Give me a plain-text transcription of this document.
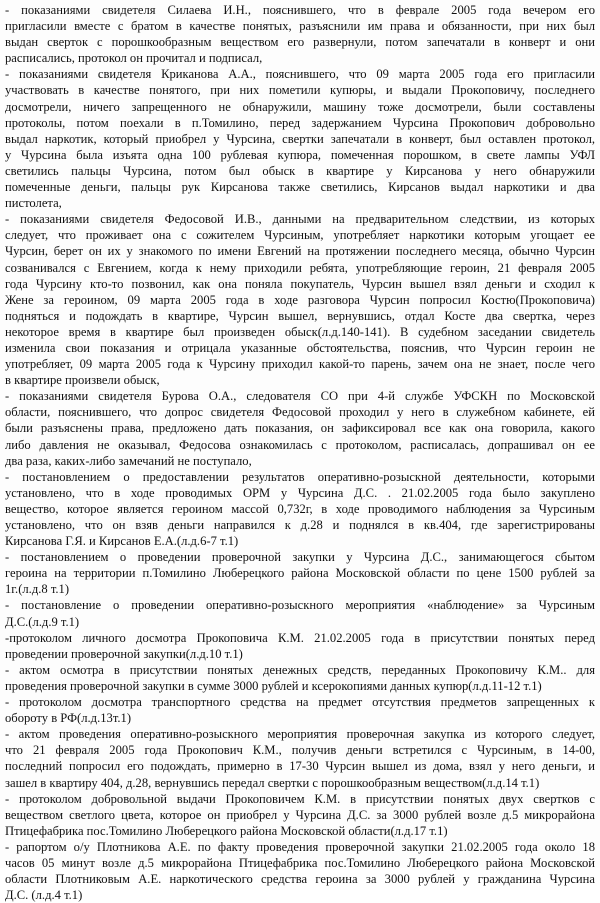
- показаниями свидетеля Силаева И.Н., пояснившего, что в феврале 2005 года вечером его
пригласили вместе с братом в качестве понятых, разъяснили им права и обязанности, при них был
выдан сверток с порошкообразным веществом его развернули, потом запечатали в конверт и они
расписались, протокол он прочитал и подписал,
- показаниями свидетеля Криканова А.А., пояснившего, что 09 марта 2005 года его пригласили
участвовать в качестве понятого, при них пометили купюры, и выдали Прокоповичу, последнего
досмотрели, ничего запрещенного не обнаружили, машину тоже досмотрели, были составлены
протоколы, потом поехали в п.Томилино, перед задержанием Чурсина Прокопович добровольно
выдал наркотик, который приобрел у Чурсина, свертки запечатали в конверт, был оставлен протокол,
у Чурсина была изъята одна 100 рублевая купюра, помеченная порошком, в свете лампы УФЛ
светились пальцы Чурсина, потом был обыск в квартире у Кирсанова у него обнаружили
помеченные деньги, пальцы рук Кирсанова также светились, Кирсанов выдал наркотики и два
пистолета,
- показаниями свидетеля Федосовой И.В., данными на предварительном следствии, из которых
следует, что проживает она с сожителем Чурсиным, употребляет наркотики которым угощает ее
Чурсин, берет он их у знакомого по имени Евгений на протяжении последнего месяца, обычно Чурсин
созванивался с Евгением, когда к нему приходили ребята, употребляющие героин, 21 февраля 2005
года Чурсину кто-то позвонил, как она поняла покупатель, Чурсин вышел взял деньги и сходил к
Жене за героином, 09 марта 2005 года в ходе разговора Чурсин попросил Костю(Прокоповича)
подняться и подождать в квартире, Чурсин вышел, вернувшись, отдал Косте два свертка, через
некоторое время в квартире был произведен обыск(л.д.140-141). В судебном заседании свидетель
изменила свои показания и отрицала указанные обстоятельства, пояснив, что Чурсин героин не
употребляет, 09 марта 2005 года к Чурсину приходил какой-то парень, зачем она не знает, после чего
в квартире произвели обыск,
- показаниями свидетеля Бурова О.А., следователя СО при 4-й службе УФСКН по Московской
области, пояснившего, что допрос свидетеля Федосовой проходил у него в служебном кабинете, ей
были разъяснены права, предложено дать показания, он зафиксировал все как она говорила, какого
либо давления не оказывал, Федосова ознакомилась с протоколом, расписалась, допрашивал он ее
два раза, каких-либо замечаний не поступало,
- постановлением о предоставлении результатов оперативно-розыскной деятельности, которыми
установлено, что в ходе проводимых ОРМ у Чурсина Д.С. . 21.02.2005 года было закуплено
вещество, которое является героином массой 0,732г, в ходе проводимого наблюдения за Чурсиным
установлено, что он взяв деньги направился к д.28 и поднялся в кв.404, где зарегистрированы
Кирсанова Г.Я. и Кирсанов Е.А.(л.д.6-7 т.1)
- постановлением о проведении проверочной закупки у Чурсина Д.С., занимающегося сбытом
героина на территории п.Томилино Люберецкого района Московской области по цене 1500 рублей за
1г.(л.д.8 т.1)
- постановление о проведении оперативно-розыскного мероприятия «наблюдение» за Чурсиным
Д.С.(л.д.9 т.1)
-протоколом личного досмотра Прокоповича К.М. 21.02.2005 года в присутствии понятых перед
проведении проверочной закупки(л.д.10 т.1)
- актом осмотра в присутствии понятых денежных средств, переданных Прокоповичу К.М.. для
проведения проверочной закупки в сумме 3000 рублей и ксерокопиями данных купюр(л.д.11-12 т.1)
- протоколом досмотра транспортного средства на предмет отсутствия предметов запрещенных к
обороту в РФ(л.д.13т.1)
- актом проведения оперативно-розыскного мероприятия проверочная закупка из которого следует,
что 21 февраля 2005 года Прокопович К.М., получив деньги встретился с Чурсиным, в 14-00,
последний попросил его подождать, примерно в 17-30 Чурсин вышел из дома, взял у него деньги, и
зашел в квартиру 404, д.28, вернувшись передал свертки с порошкообразным веществом(л.д.14 т.1)
- протоколом добровольной выдачи Прокоповичем К.М. в присутствии понятых двух свертков с
веществом светлого цвета, которое он приобрел у Чурсина Д.С. за 3000 рублей возле д.5 микрорайона
Птицефабрика пос.Томилино Люберецкого района Московской области(л.д.17 т.1)
- рапортом о/у Плотникова А.Е. по факту проведения проверочной закупки 21.02.2005 года около 18
часов 05 минут возле д.5 микрорайона Птицефабрика пос.Томилино Люберецкого района Московской
области Плотниковым А.Е. наркотического средства героина за 3000 рублей у гражданина Чурсина
Д.С. (л.д.4 т.1)
